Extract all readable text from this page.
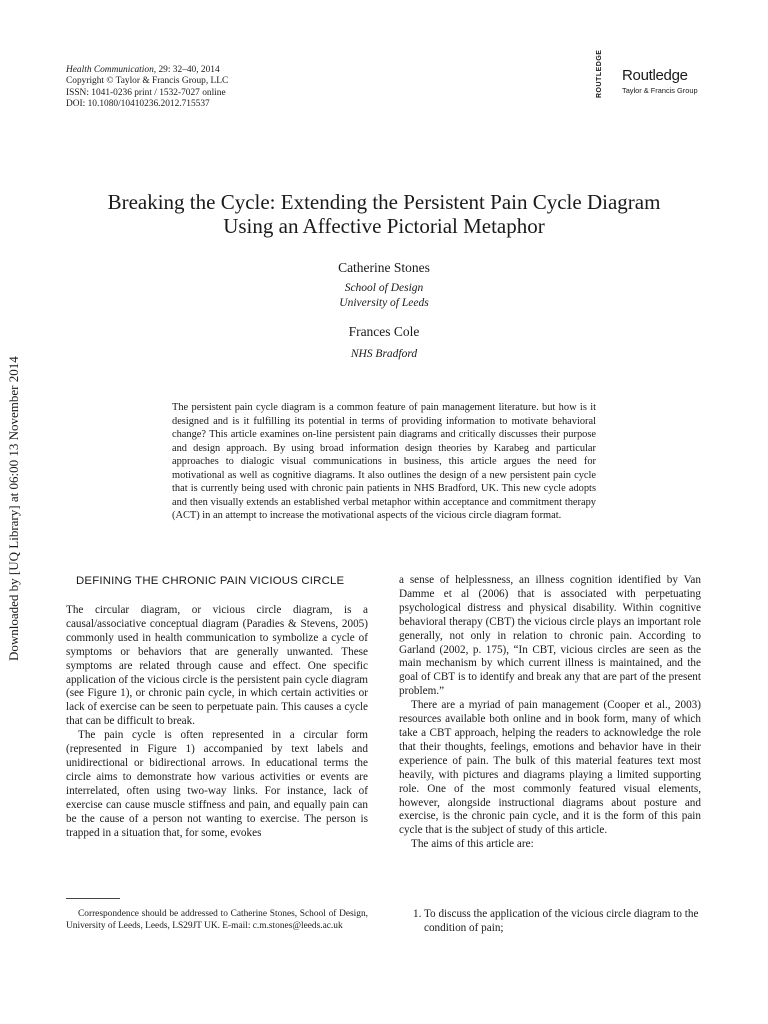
Health Communication, 29: 32–40, 2014
Copyright © Taylor & Francis Group, LLC
ISSN: 1041-0236 print / 1532-7027 online
DOI: 10.1080/10410236.2012.715537
ROUTLEDGE	Routledge
Taylor & Francis Group
Downloaded by [UQ Library] at 06:00 13 November 2014
Breaking the Cycle: Extending the Persistent Pain Cycle Diagram
Using an Affective Pictorial Metaphor
Catherine Stones
School of Design
University of Leeds
Frances Cole
NHS Bradford
The persistent pain cycle diagram is a common feature of pain management literature. but how is it designed and is it fulfilling its potential in terms of providing information to motivate behavioral change? This article examines on-line persistent pain diagrams and critically discusses their purpose and design approach. By using broad information design theories by Karabeg and particular approaches to dialogic visual communications in business, this article argues the need for motivational as well as cognitive diagrams. It also outlines the design of a new persistent pain cycle that is currently being used with chronic pain patients in NHS Bradford, UK. This new cycle adopts and then visually extends an established verbal metaphor within acceptance and commitment therapy (ACT) in an attempt to increase the motivational aspects of the vicious circle diagram format.
DEFINING THE CHRONIC PAIN VICIOUS CIRCLE

The circular diagram, or vicious circle diagram, is a causal/associative conceptual diagram (Paradies & Stevens, 2005) commonly used in health communication to symbolize a cycle of symptoms or behaviors that are generally unwanted. These symptoms are related through cause and effect. One specific application of the vicious circle is the persistent pain cycle diagram (see Figure 1), or chronic pain cycle, in which certain activities or lack of exercise can be seen to perpetuate pain. This causes a cycle that can be difficult to break.

The pain cycle is often represented in a circular form (represented in Figure 1) accompanied by text labels and unidirectional or bidirectional arrows. In educational terms the circle aims to demonstrate how various activities or events are interrelated, often using two-way links. For instance, lack of exercise can cause muscle stiffness and pain, and equally pain can be the cause of a person not wanting to exercise. The person is trapped in a situation that, for some, evokes

a sense of helplessness, an illness cognition identified by Van Damme et al (2006) that is associated with perpetuating psychological distress and physical disability. Within cognitive behavioral therapy (CBT) the vicious circle plays an important role generally, not only in relation to chronic pain. According to Garland (2002, p. 175), “In CBT, vicious circles are seen as the main mechanism by which current illness is maintained, and the goal of CBT is to identify and break any that are part of the present problem.”

There are a myriad of pain management (Cooper et al., 2003) resources available both online and in book form, many of which take a CBT approach, helping the readers to acknowledge the role that their thoughts, feelings, emotions and behavior have in their experience of pain. The bulk of this material features text most heavily, with pictures and diagrams playing a limited supporting role. One of the most commonly featured visual elements, however, alongside instructional diagrams about posture and exercise, is the chronic pain cycle, and it is the form of this pain cycle that is the subject of study of this article.

The aims of this article are:

1. To discuss the application of the vicious circle diagram to the condition of pain;

Correspondence should be addressed to Catherine Stones, School of Design, University of Leeds, Leeds, LS29JT UK. E-mail: c.m.stones@leeds.ac.uk
